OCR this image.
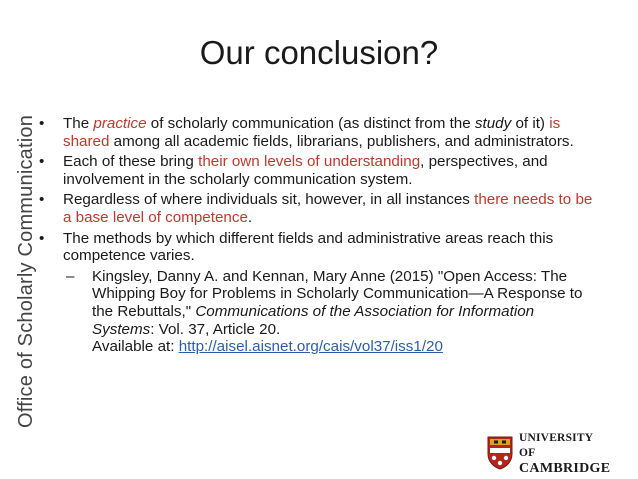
Office of Scholarly Communication
Our conclusion?
•	The practice of scholarly communication (as distinct from the study of it) is shared among all academic fields, librarians, publishers, and administrators.
•	Each of these bring their own levels of understanding, perspectives, and involvement in the scholarly communication system.
•	Regardless of where individuals sit, however, in all instances there needs to be a base level of competence.
•	The methods by which different fields and administrative areas reach this competence varies.
–	Kingsley, Danny A. and Kennan, Mary Anne (2015) "Open Access: The Whipping Boy for Problems in Scholarly Communication—A Response to the Rebuttals," Communications of the Association for Information Systems: Vol. 37, Article 20.
Available at: http://aisel.aisnet.org/cais/vol37/iss1/20
UNIVERSITY OF
CAMBRIDGE
